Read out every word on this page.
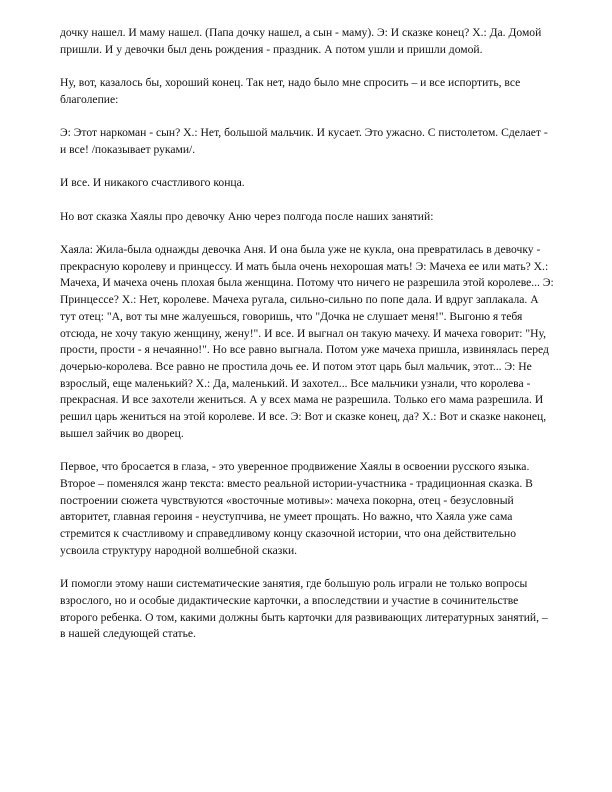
дочку нашел. И маму нашел. (Папа дочку нашел, а сын - маму). Э: И сказке конец? Х.: Да. Домой пришли. И у девочки был день рождения - праздник. А потом ушли и пришли домой.

Ну, вот, казалось бы, хороший конец. Так нет, надо было мне спросить – и все испортить, все благолепие:

Э: Этот наркоман - сын? Х.: Нет, большой мальчик. И кусает. Это ужасно. С пистолетом. Сделает - и все! /показывает руками/.

И все. И никакого счастливого конца.

Но вот сказка Хаялы про девочку Аню через полгода после наших занятий:

Хаяла: Жила-была однажды девочка Аня. И она была уже не кукла, она превратилась в девочку - прекрасную королеву и принцессу. И мать была очень нехорошая мать! Э: Мачеха ее или мать? Х.: Мачеха, И мачеха очень плохая была женщина. Потому что ничего не разрешила этой королеве... Э: Принцессе? Х.: Нет, королеве. Мачеха ругала, сильно-сильно по попе дала. И вдруг заплакала. А тут отец: "А, вот ты мне жалуешься, говоришь, что "Дочка не слушает меня!". Выгоню я тебя отсюда, не хочу такую женщину, жену!". И все. И выгнал он такую мачеху. И мачеха говорит: "Ну, прости, прости - я нечаянно!". Но все равно выгнала. Потом уже мачеха пришла, извинялась перед дочерью-королева. Все равно не простила дочь ее. И потом этот царь был мальчик, этот... Э: Не взрослый, еще маленький? Х.: Да, маленький. И захотел... Все мальчики узнали, что королева - прекрасная. И все захотели жениться. А у всех мама не разрешила. Только его мама разрешила. И решил царь жениться на этой королеве. И все. Э: Вот и сказке конец, да? Х.: Вот и сказке наконец, вышел зайчик во дворец.

Первое, что бросается в глаза, - это уверенное продвижение Хаялы в освоении русского языка. Второе – поменялся жанр текста: вместо реальной истории-участника - традиционная сказка. В построении сюжета чувствуются «восточные мотивы»: мачеха покорна, отец - безусловный авторитет, главная героиня - неуступчива, не умеет прощать. Но важно, что Хаяла уже сама стремится к счастливому и справедливому концу сказочной истории, что она действительно усвоила структуру народной волшебной сказки.

И помогли этому наши систематические занятия, где большую роль играли не только вопросы взрослого, но и особые дидактические карточки, а впоследствии и участие в сочинительстве второго ребенка. О том, какими должны быть карточки для развивающих литературных занятий, – в нашей следующей статье.
